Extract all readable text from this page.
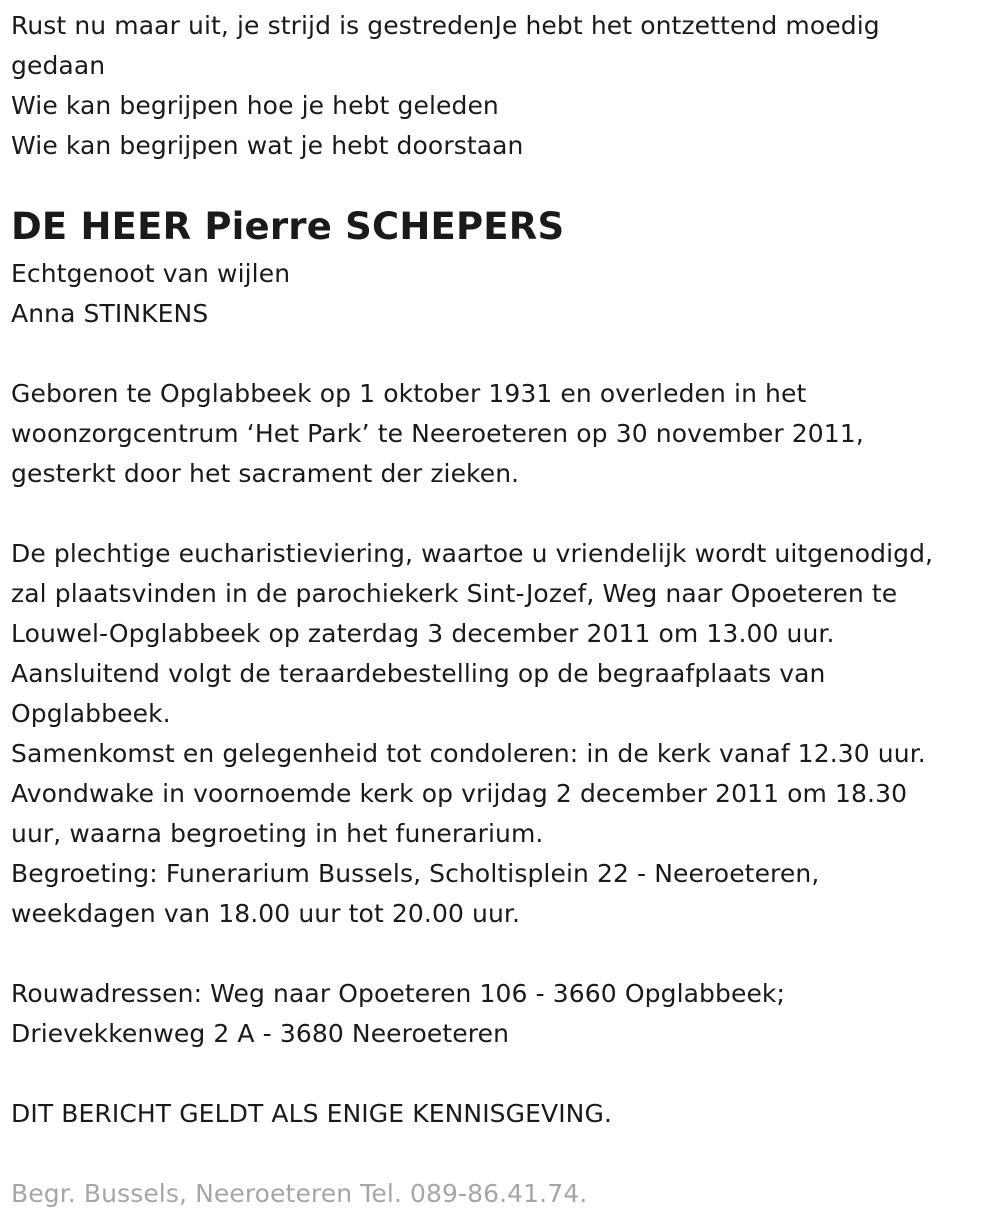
Rust nu maar uit, je strijd is gestredenJe hebt het ontzettend moedig
gedaan
Wie kan begrijpen hoe je hebt geleden
Wie kan begrijpen wat je hebt doorstaan
DE HEER Pierre SCHEPERS
Echtgenoot van wijlen
Anna STINKENS
Geboren te Opglabbeek op 1 oktober 1931 en overleden in het
woonzorgcentrum ‘Het Park’ te Neeroeteren op 30 november 2011,
gesterkt door het sacrament der zieken.
De plechtige eucharistieviering, waartoe u vriendelijk wordt uitgenodigd,
zal plaatsvinden in de parochiekerk Sint-Jozef, Weg naar Opoeteren te
Louwel-Opglabbeek op zaterdag 3 december 2011 om 13.00 uur.
Aansluitend volgt de teraardebestelling op de begraafplaats van
Opglabbeek.
Samenkomst en gelegenheid tot condoleren: in de kerk vanaf 12.30 uur.
Avondwake in voornoemde kerk op vrijdag 2 december 2011 om 18.30
uur, waarna begroeting in het funerarium.
Begroeting: Funerarium Bussels, Scholtisplein 22 - Neeroeteren,
weekdagen van 18.00 uur tot 20.00 uur.
Rouwadressen: Weg naar Opoeteren 106 - 3660 Opglabbeek;
Drievekkenweg 2 A - 3680 Neeroeteren
DIT BERICHT GELDT ALS ENIGE KENNISGEVING.
Begr. Bussels, Neeroeteren Tel. 089-86.41.74.
